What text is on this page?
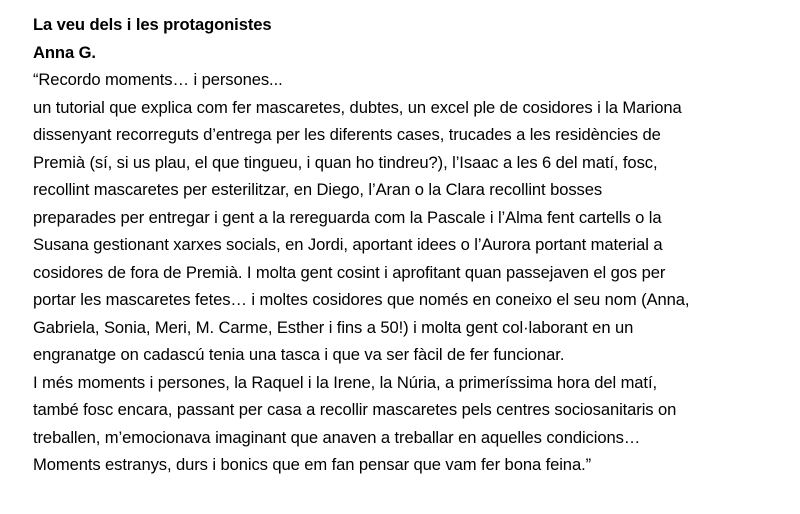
La veu dels i les protagonistes
Anna G.
“Recordo moments… i persones...
un tutorial que explica com fer mascaretes, dubtes, un excel ple de cosidores i la Mariona
dissenyant recorreguts d’entrega per les diferents cases, trucades a les residències de
Premià (sí, si us plau, el que tingueu, i quan ho tindreu?), l’Isaac a les 6 del matí, fosc,
recollint mascaretes per esterilitzar, en Diego, l’Aran o la Clara recollint bosses
preparades per entregar i gent a la rereguarda com la Pascale i l’Alma fent cartells o la
Susana gestionant xarxes socials, en Jordi, aportant idees o l’Aurora portant material a
cosidores de fora de Premià. I molta gent cosint i aprofitant quan passejaven el gos per
portar les mascaretes fetes… i moltes cosidores que només en coneixo el seu nom (Anna,
Gabriela, Sonia, Meri, M. Carme, Esther i fins a 50!) i molta gent col·laborant en un
engranatge on cadascú tenia una tasca i que va ser fàcil de fer funcionar.
I més moments i persones, la Raquel i la Irene, la Núria, a primeríssima hora del matí,
també fosc encara, passant per casa a recollir mascaretes pels centres sociosanitaris on
treballen, m’emocionava imaginant que anaven a treballar en aquelles condicions…
Moments estranys, durs i bonics que em fan pensar que vam fer bona feina.”
